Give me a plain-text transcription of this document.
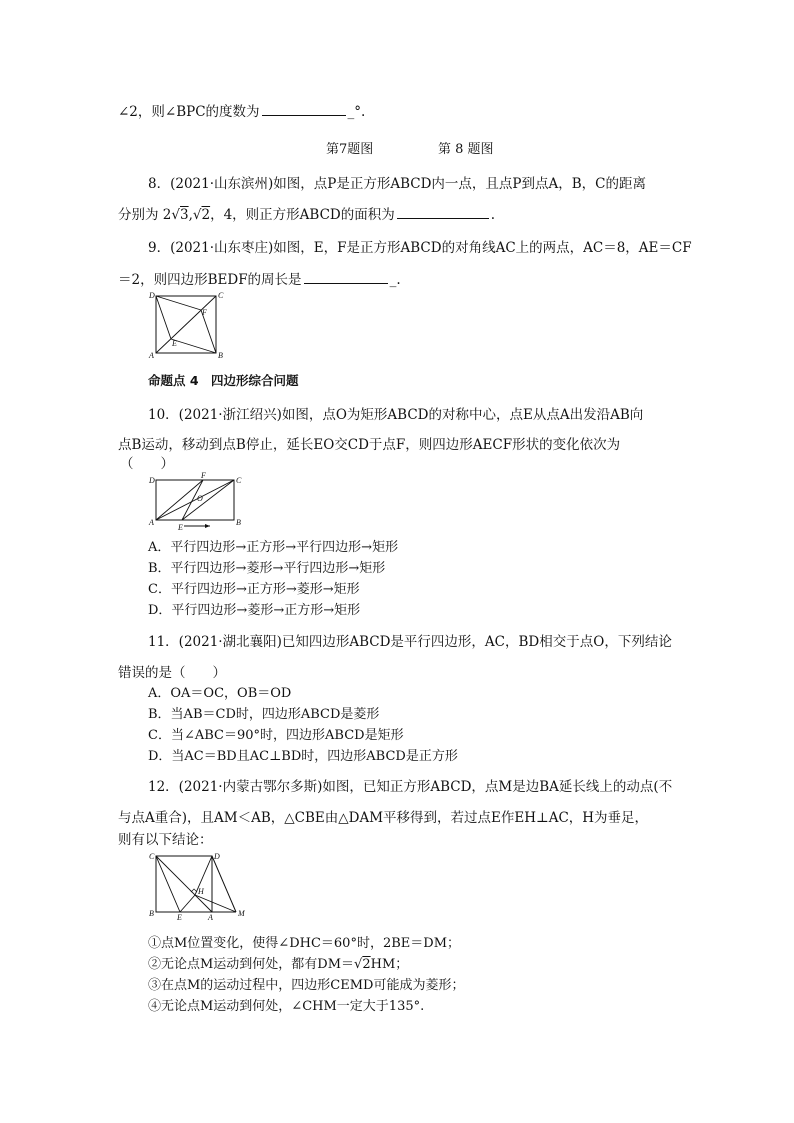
∠2，则∠BPC的度数为	_°.
第7题图	第 8 题图
8．(2021·山东滨州)如图，点P是正方形ABCD内一点，且点P到点A，B，C的距离
分别为 2√3,√2，4，则正方形ABCD的面积为	.
9．(2021·山东枣庄)如图，E，F是正方形ABCD的对角线AC上的两点，AC＝8，AE＝CF
＝2，则四边形BEDF的周长是	_.
D	C
A	B
E
F
命题点 4　四边形综合问题
10．(2021·浙江绍兴)如图，点O为矩形ABCD的对称中心，点E从点A出发沿AB向
点B运动，移动到点B停止，延长EO交CD于点F，则四边形AECF形状的变化依次为
（　　）
D
F
C
O
A
E
B
A．平行四边形→正方形→平行四边形→矩形
B．平行四边形→菱形→平行四边形→矩形
C．平行四边形→正方形→菱形→矩形
D．平行四边形→菱形→正方形→矩形
11．(2021·湖北襄阳)已知四边形ABCD是平行四边形，AC，BD相交于点O，下列结论
错误的是（　　）
A．OA＝OC，OB＝OD
B．当AB＝CD时，四边形ABCD是菱形
C．当∠ABC＝90°时，四边形ABCD是矩形
D．当AC＝BD且AC⊥BD时，四边形ABCD是正方形
12．(2021·内蒙古鄂尔多斯)如图，已知正方形ABCD，点M是边BA延长线上的动点(不
与点A重合)，且AM＜AB，△CBE由△DAM平移得到，若过点E作EH⊥AC，H为垂足，
则有以下结论：
C	D
H
B	E	A	M
①点M位置变化，使得∠DHC＝60°时，2BE＝DM；
②无论点M运动到何处，都有DM＝√2HM；
③在点M的运动过程中，四边形CEMD可能成为菱形；
④无论点M运动到何处，∠CHM一定大于135°.
